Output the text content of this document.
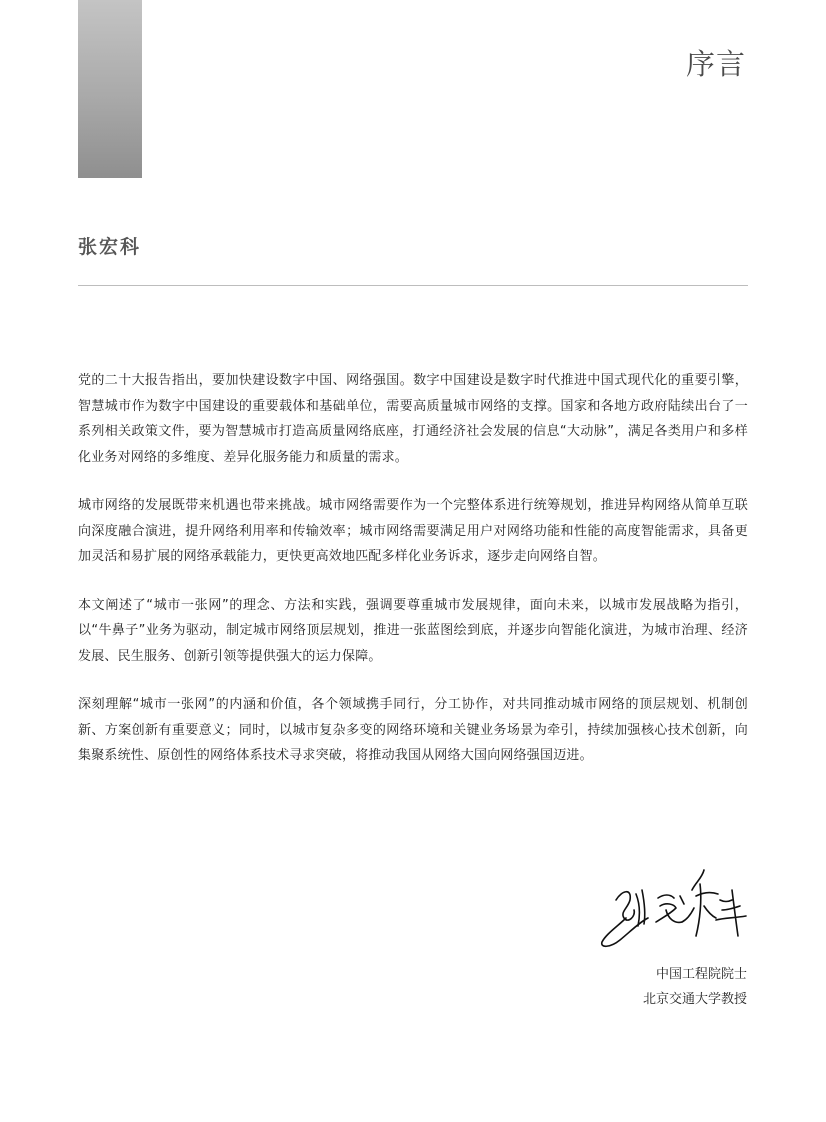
序言
张宏科

党的二十大报告指出，要加快建设数字中国、网络强国。数字中国建设是数字时代推进中国式现代化的重要引擎，智慧城市作为数字中国建设的重要载体和基础单位，需要高质量城市网络的支撑。国家和各地方政府陆续出台了一系列相关政策文件，要为智慧城市打造高质量网络底座，打通经济社会发展的信息“大动脉”，满足各类用户和多样化业务对网络的多维度、差异化服务能力和质量的需求。

城市网络的发展既带来机遇也带来挑战。城市网络需要作为一个完整体系进行统筹规划，推进异构网络从简单互联向深度融合演进，提升网络利用率和传输效率；城市网络需要满足用户对网络功能和性能的高度智能需求，具备更加灵活和易扩展的网络承载能力，更快更高效地匹配多样化业务诉求，逐步走向网络自智。

本文阐述了“城市一张网”的理念、方法和实践，强调要尊重城市发展规律，面向未来，以城市发展战略为指引，以“牛鼻子”业务为驱动，制定城市网络顶层规划，推进一张蓝图绘到底，并逐步向智能化演进，为城市治理、经济发展、民生服务、创新引领等提供强大的运力保障。

深刻理解“城市一张网”的内涵和价值，各个领域携手同行，分工协作，对共同推动城市网络的顶层规划、机制创新、方案创新有重要意义；同时，以城市复杂多变的网络环境和关键业务场景为牵引，持续加强核心技术创新，向集聚系统性、原创性的网络体系技术寻求突破，将推动我国从网络大国向网络强国迈进。

中国工程院院士
北京交通大学教授
